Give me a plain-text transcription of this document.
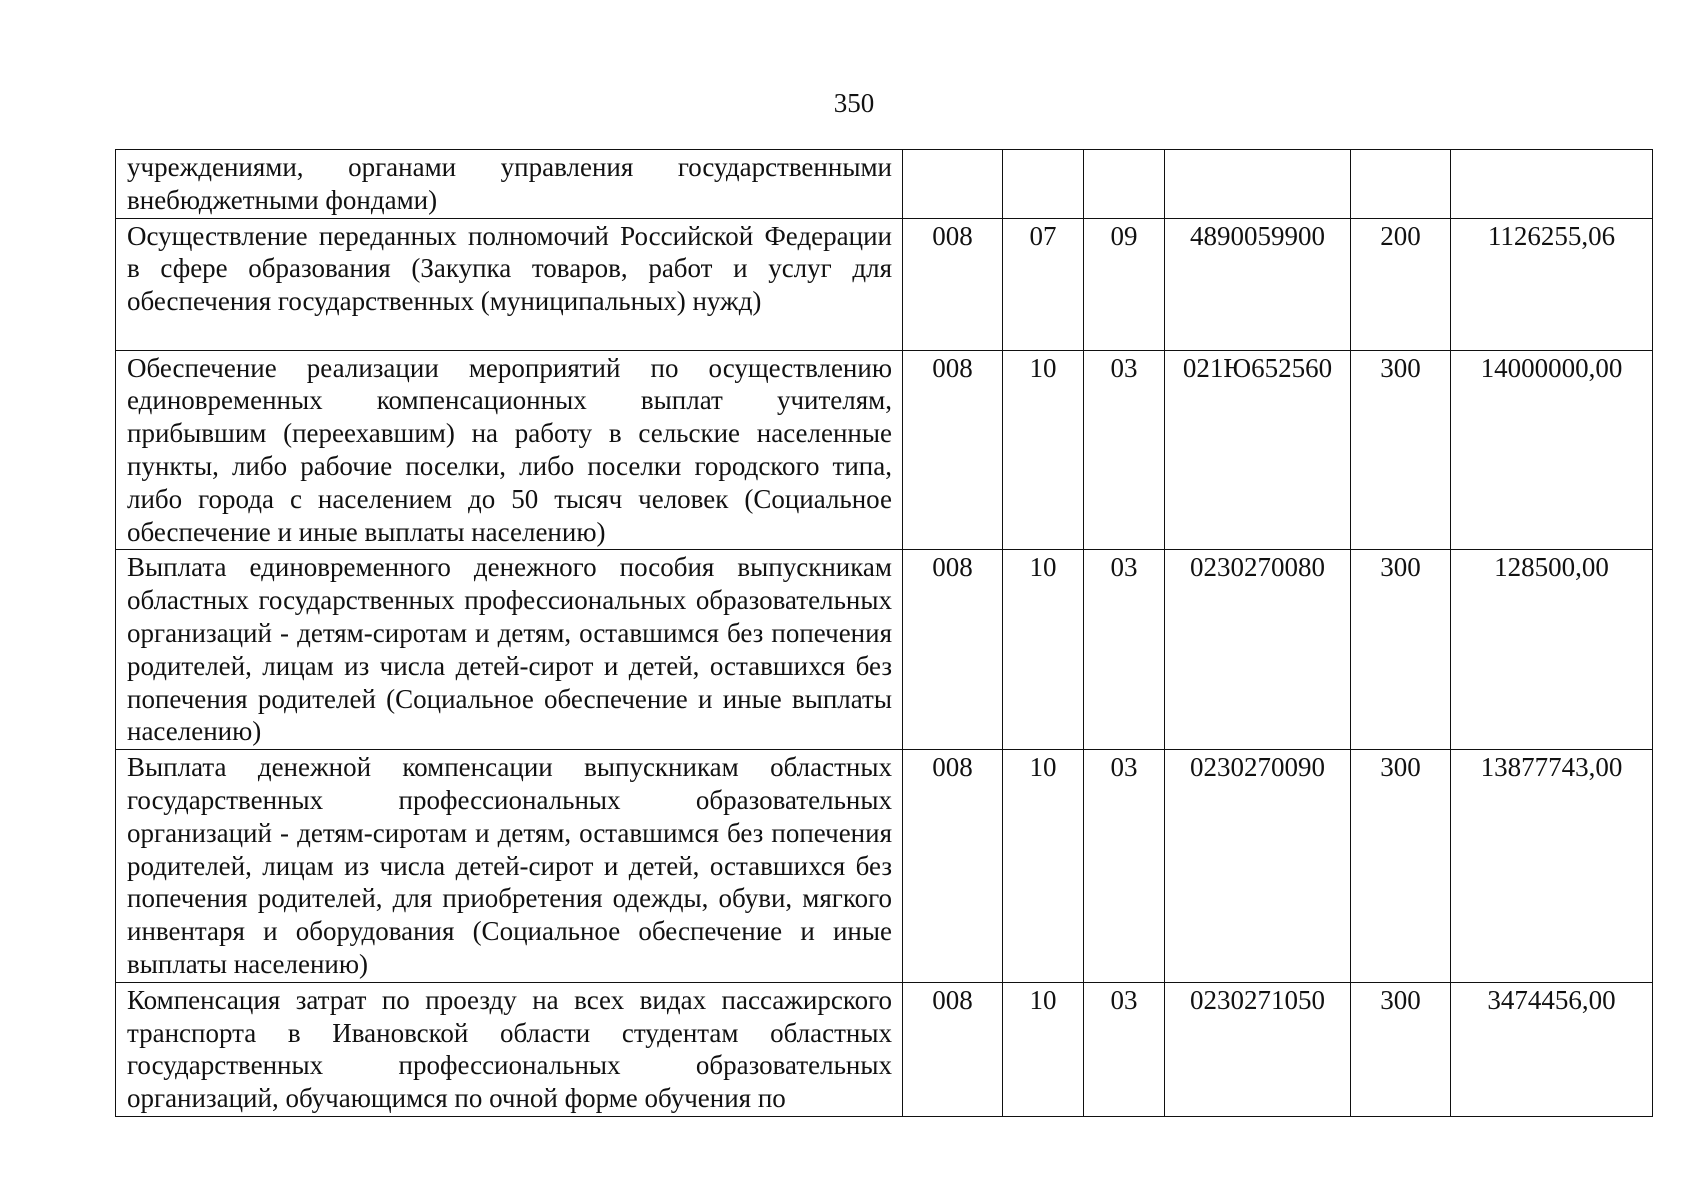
350
учреждениями, органами управления государственными внебюджетными фондами)						
Осуществление переданных полномочий Российской Федерации в сфере образования (Закупка товаров, работ и услуг для обеспечения государственных (муниципальных) нужд)	008	07	09	4890059900	200	1126255,06
Обеспечение реализации мероприятий по осуществлению единовременных компенсационных выплат учителям, прибывшим (переехавшим) на работу в сельские населенные пункты, либо рабочие поселки, либо поселки городского типа, либо города с населением до 50 тысяч человек (Социальное обеспечение и иные выплаты населению)	008	10	03	021Ю652560	300	14000000,00
Выплата единовременного денежного пособия выпускникам областных государственных профессиональных образовательных организаций - детям-сиротам и детям, оставшимся без попечения родителей, лицам из числа детей-сирот и детей, оставшихся без попечения родителей (Социальное обеспечение и иные выплаты населению)	008	10	03	0230270080	300	128500,00
Выплата денежной компенсации выпускникам областных государственных профессиональных образовательных организаций - детям-сиротам и детям, оставшимся без попечения родителей, лицам из числа детей-сирот и детей, оставшихся без попечения родителей, для приобретения одежды, обуви, мягкого инвентаря и оборудования (Социальное обеспечение и иные выплаты населению)	008	10	03	0230270090	300	13877743,00
Компенсация затрат по проезду на всех видах пассажирского транспорта в Ивановской области студентам областных государственных профессиональных образовательных организаций, обучающимся по очной форме обучения по	008	10	03	0230271050	300	3474456,00
